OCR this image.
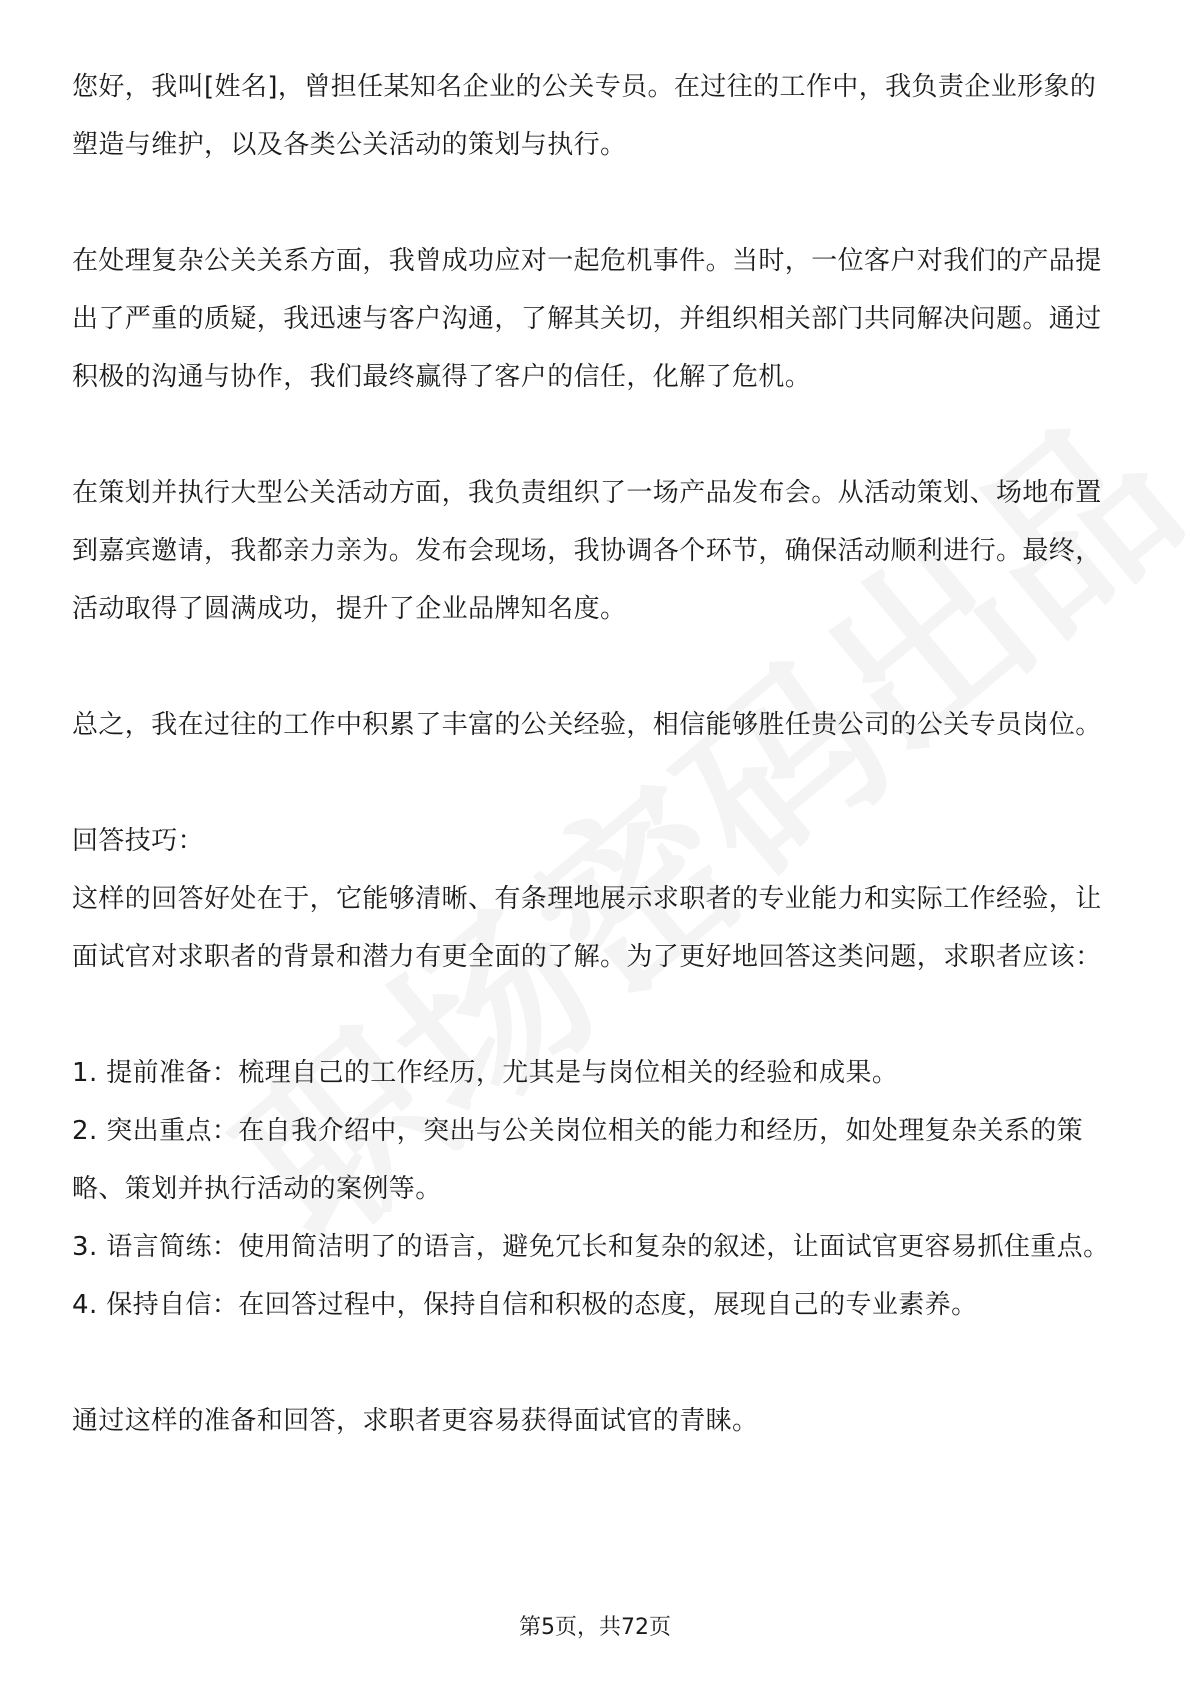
您好，我叫[姓名]，曾担任某知名企业的公关专员。在过往的工作中，我负责企业形象的塑造与维护，以及各类公关活动的策划与执行。

在处理复杂公关关系方面，我曾成功应对一起危机事件。当时，一位客户对我们的产品提出了严重的质疑，我迅速与客户沟通，了解其关切，并组织相关部门共同解决问题。通过积极的沟通与协作，我们最终赢得了客户的信任，化解了危机。

在策划并执行大型公关活动方面，我负责组织了一场产品发布会。从活动策划、场地布置到嘉宾邀请，我都亲力亲为。发布会现场，我协调各个环节，确保活动顺利进行。最终，活动取得了圆满成功，提升了企业品牌知名度。

总之，我在过往的工作中积累了丰富的公关经验，相信能够胜任贵公司的公关专员岗位。

回答技巧：

这样的回答好处在于，它能够清晰、有条理地展示求职者的专业能力和实际工作经验，让面试官对求职者的背景和潜力有更全面的了解。为了更好地回答这类问题，求职者应该：

1. 提前准备：梳理自己的工作经历，尤其是与岗位相关的经验和成果。

2. 突出重点：在自我介绍中，突出与公关岗位相关的能力和经历，如处理复杂关系的策略、策划并执行活动的案例等。

3. 语言简练：使用简洁明了的语言，避免冗长和复杂的叙述，让面试官更容易抓住重点。

4. 保持自信：在回答过程中，保持自信和积极的态度，展现自己的专业素养。

通过这样的准备和回答，求职者更容易获得面试官的青睐。

第5页，共72页
